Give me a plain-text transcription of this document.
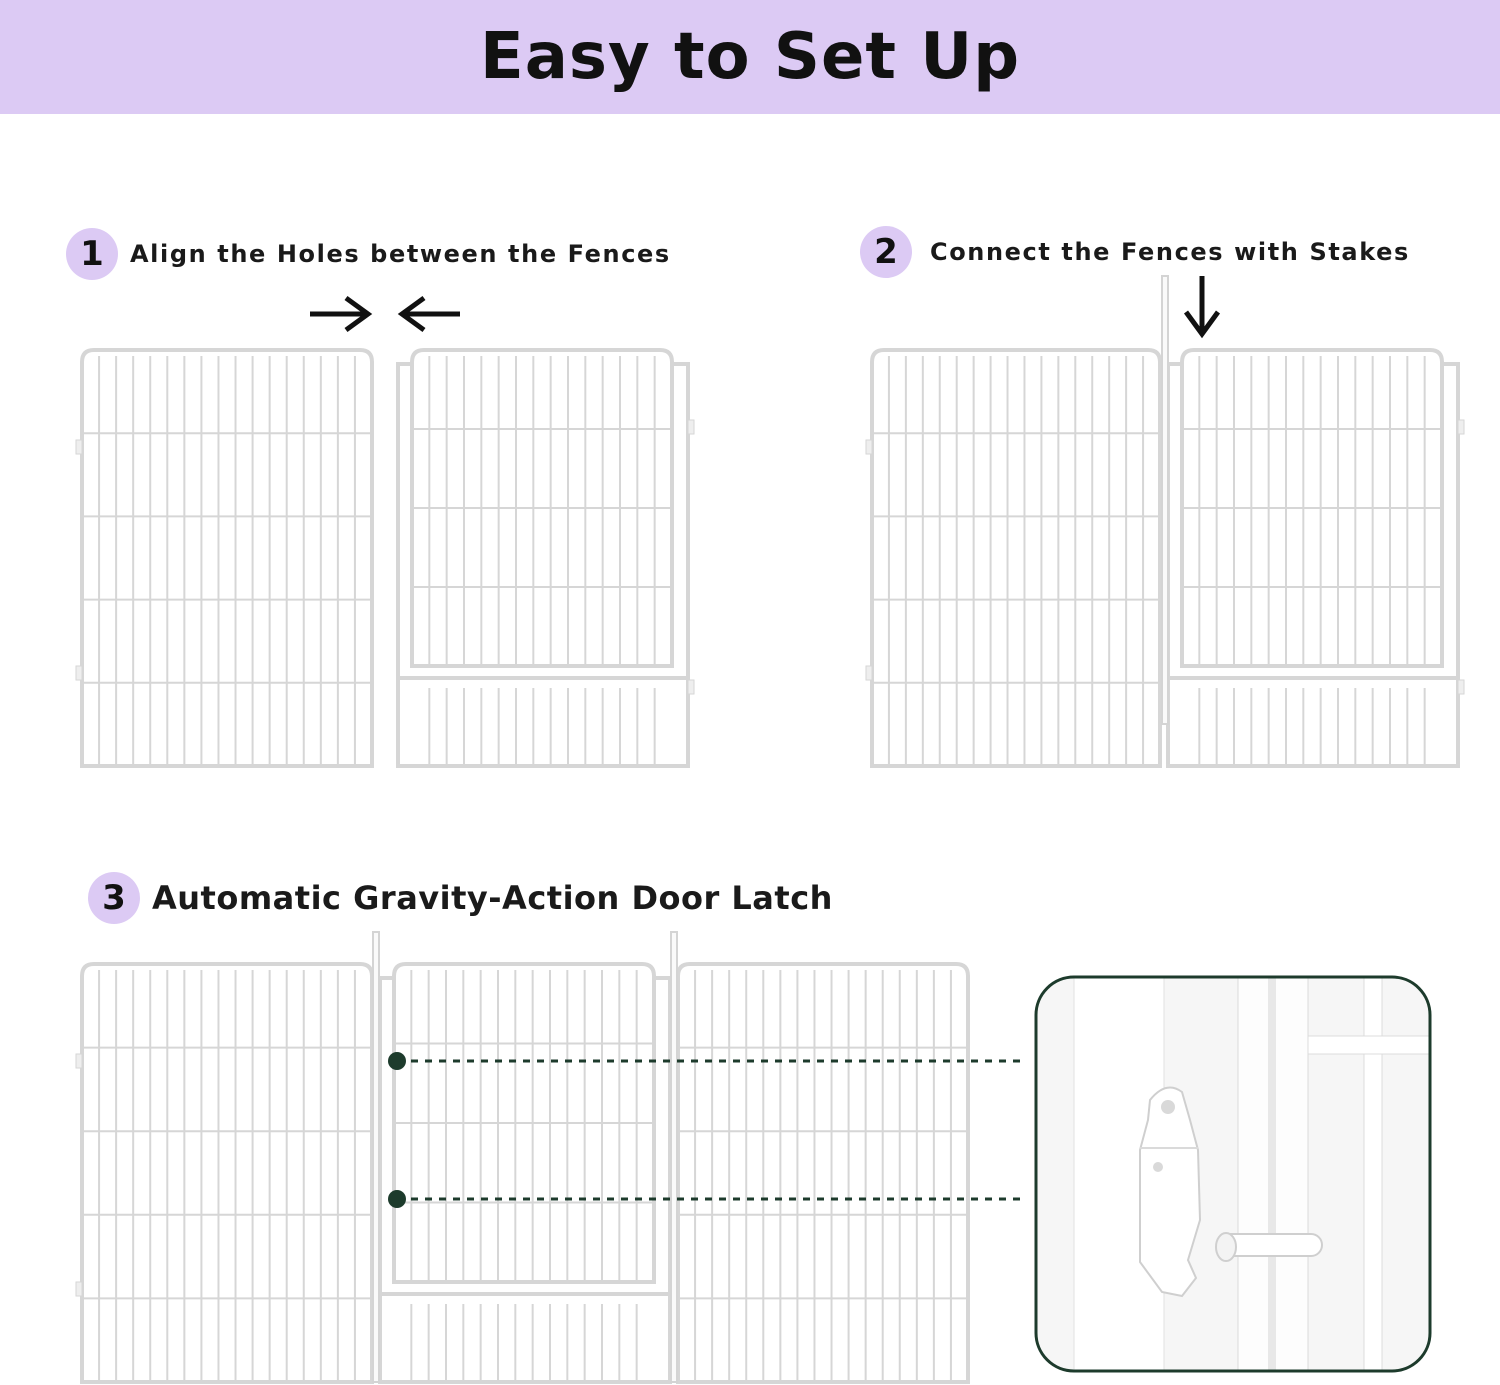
Easy to Set Up
1	Align the Holes between the Fences	2	Connect the Fences with Stakes
3 Automatic Gravity-Action Door Latch
